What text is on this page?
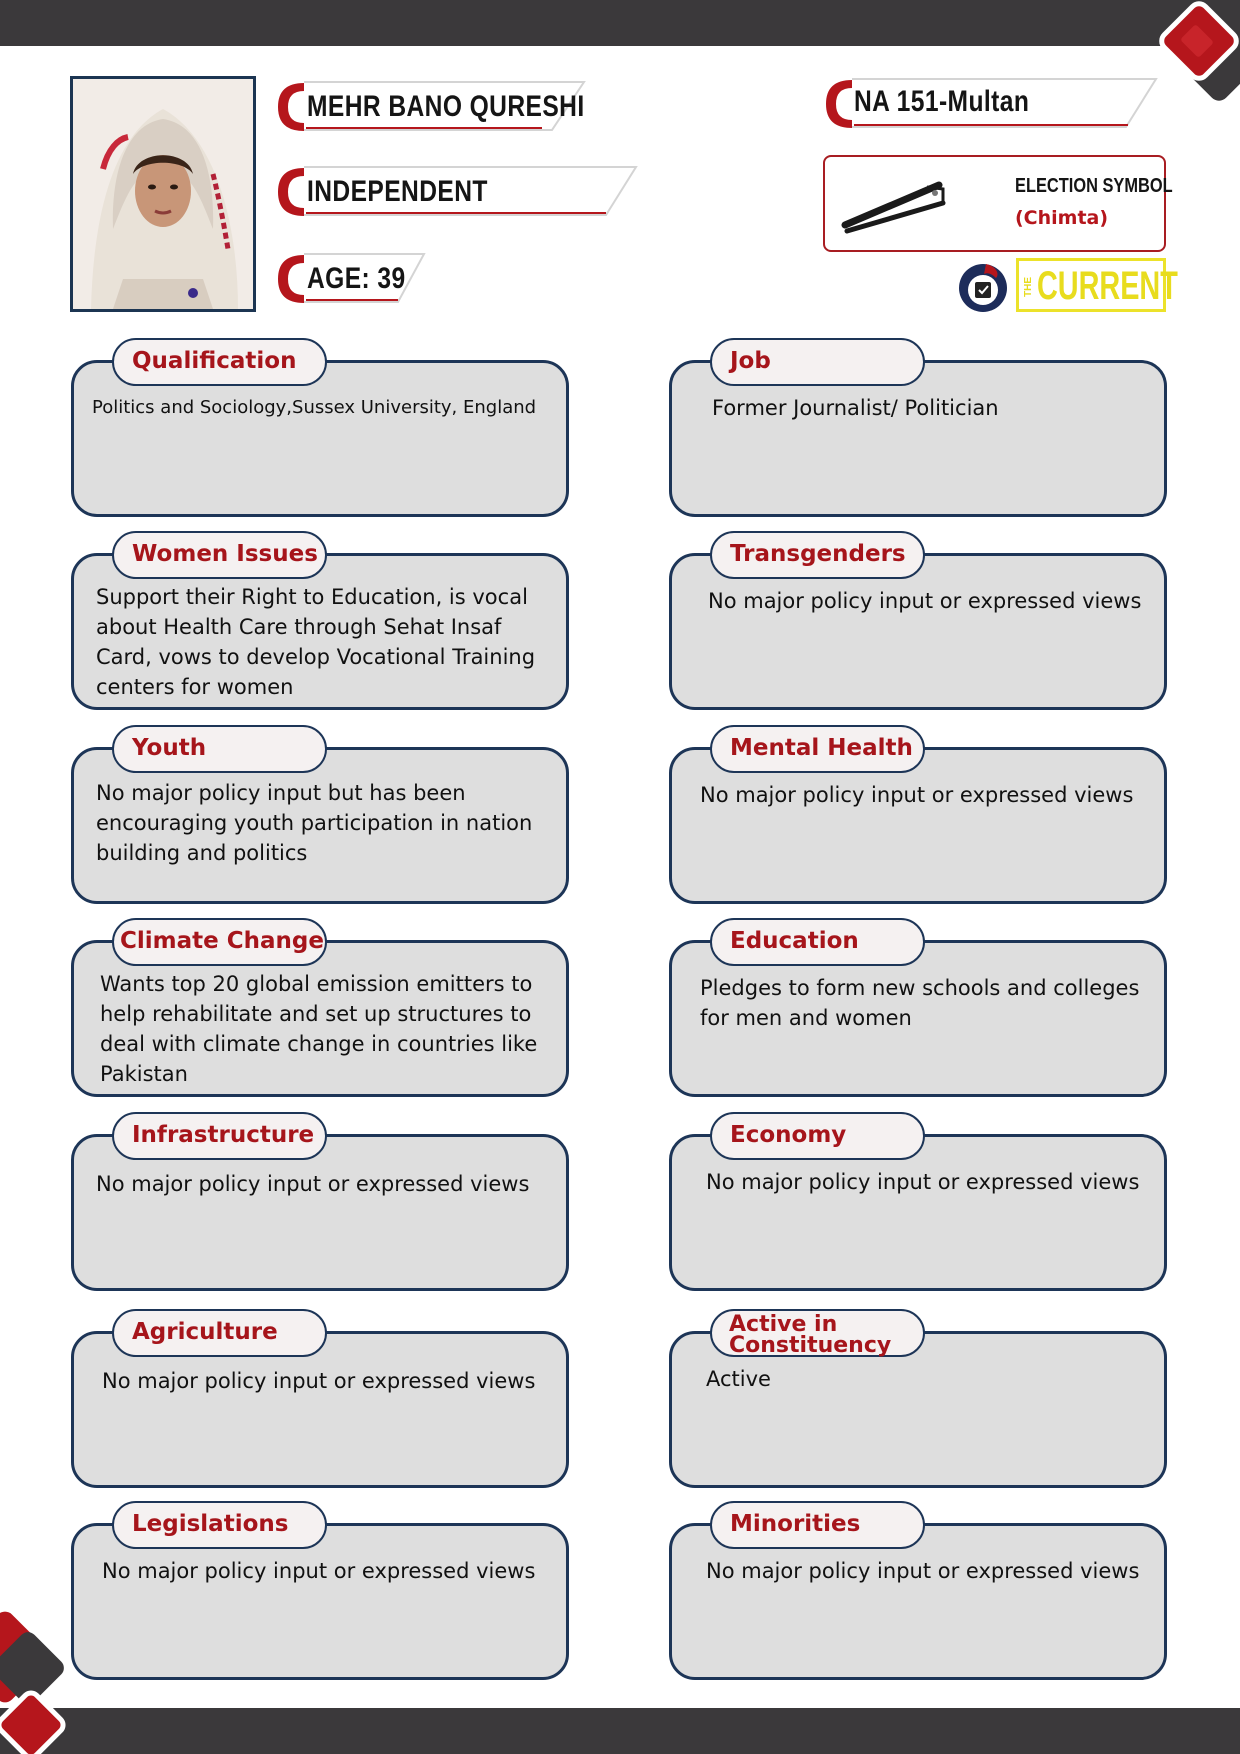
MEHR BANO QURESHI
INDEPENDENT
AGE: 39
NA 151-Multan
ELECTION SYMBOL
(Chimta)
THE CURRENT
Qualification
Politics and Sociology,Sussex University, England
Women Issues
Support their Right to Education, is vocal about Health Care through Sehat Insaf Card, vows to develop Vocational Training centers for women
Youth
No major policy input but has been encouraging youth participation in nation building and politics
Climate Change
Wants top 20 global emission emitters to help rehabilitate and set up structures to deal with climate change in countries like Pakistan
Infrastructure
No major policy input or expressed views
Agriculture
No major policy input or expressed views
Legislations
No major policy input or expressed views
Job
Former Journalist/ Politician
Transgenders
No major policy input or expressed views
Mental Health
No major policy input or expressed views
Education
Pledges to form new schools and colleges for men and women
Economy
No major policy input or expressed views
Active in Constituency
Active
Minorities
No major policy input or expressed views
